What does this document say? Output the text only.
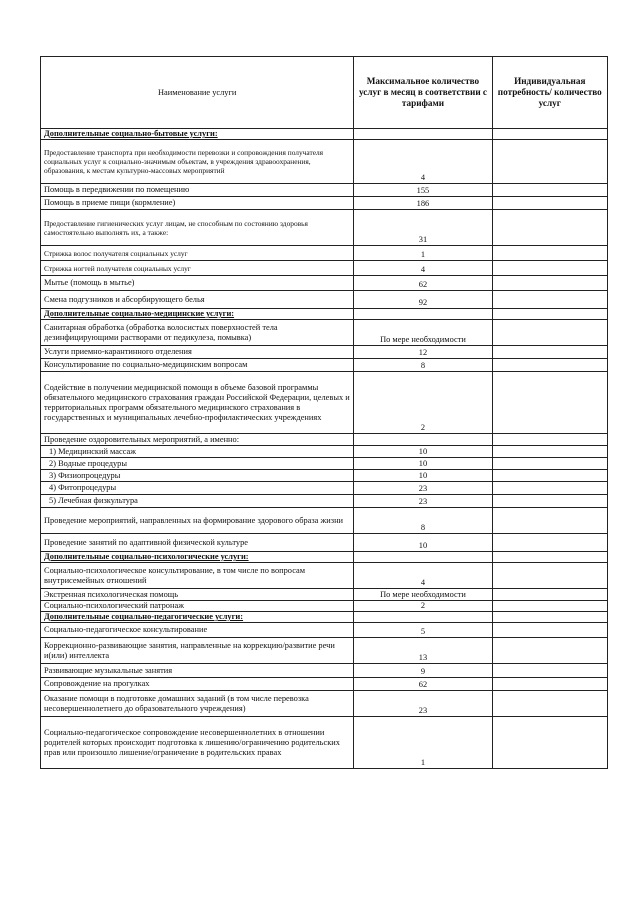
Наименование услуги	Максимальное количество услуг в месяц в соответствии с тарифами	Индивидуальная потребность/ количество услуг
Дополнительные социально-бытовые услуги:		
Предоставление транспорта при необходимости перевозки и сопровождения получателя социальных услуг к социально-значимым объектам, в учреждения здравоохранения, образования, к местам культурно-массовых мероприятий	4	
Помощь в передвижении по помещению	155	
Помощь в приеме пищи (кормление)	186	
Предоставление гигиенических услуг лицам, не способным по состоянию здоровья самостоятельно выполнять их, а также:	31	
Стрижка волос получателя социальных услуг	1	
Стрижка ногтей получателя социальных услуг	4	
Мытье (помощь в мытье)	62	
Смена подгузников и абсорбирующего белья	92	
Дополнительные социально-медицинские услуги:		
Санитарная обработка (обработка волосистых поверхностей тела дезинфицирующими растворами от педикулеза, помывка)	По мере необходимости	
Услуги приемно-карантинного отделения	12	
Консультирование по социально-медицинским вопросам	8	
Содействие в получении медицинской помощи в объеме базовой программы обязательного медицинского страхования граждан Российской Федерации, целевых и территориальных программ обязательного медицинского страхования в государственных и муниципальных лечебно-профилактических учреждениях	2	
Проведение оздоровительных мероприятий, а именно:		
1) Медицинский массаж	10	
2) Водные процедуры	10	
3) Физиопроцедуры	10	
4) Фитопроцедуры	23	
5) Лечебная физкультура	23	
Проведение мероприятий, направленных на формирование здорового образа жизни	8	
Проведение занятий по адаптивной физической культуре	10	
Дополнительные социально-психологические услуги:		
Социально-психологическое консультирование, в том числе по вопросам внутрисемейных отношений	4	
Экстренная психологическая помощь	По мере необходимости	
Социально-психологический патронаж	2	
Дополнительные социально-педагогические услуги:		
Социально-педагогическое консультирование	5	
Коррекционно-развивающие занятия, направленные на коррекцию/развитие речи и(или) интеллекта	13	
Развивающие музыкальные занятия	9	
Сопровождение на прогулках	62	
Оказание помощи в подготовке домашних заданий (в том числе перевозка несовершеннолетнего до образовательного учреждения)	23	
Социально-педагогическое сопровождение несовершеннолетних в отношении родителей которых происходит подготовка к лишению/ограничению родительских прав или произошло лишение/ограничение в родительских правах	1	
